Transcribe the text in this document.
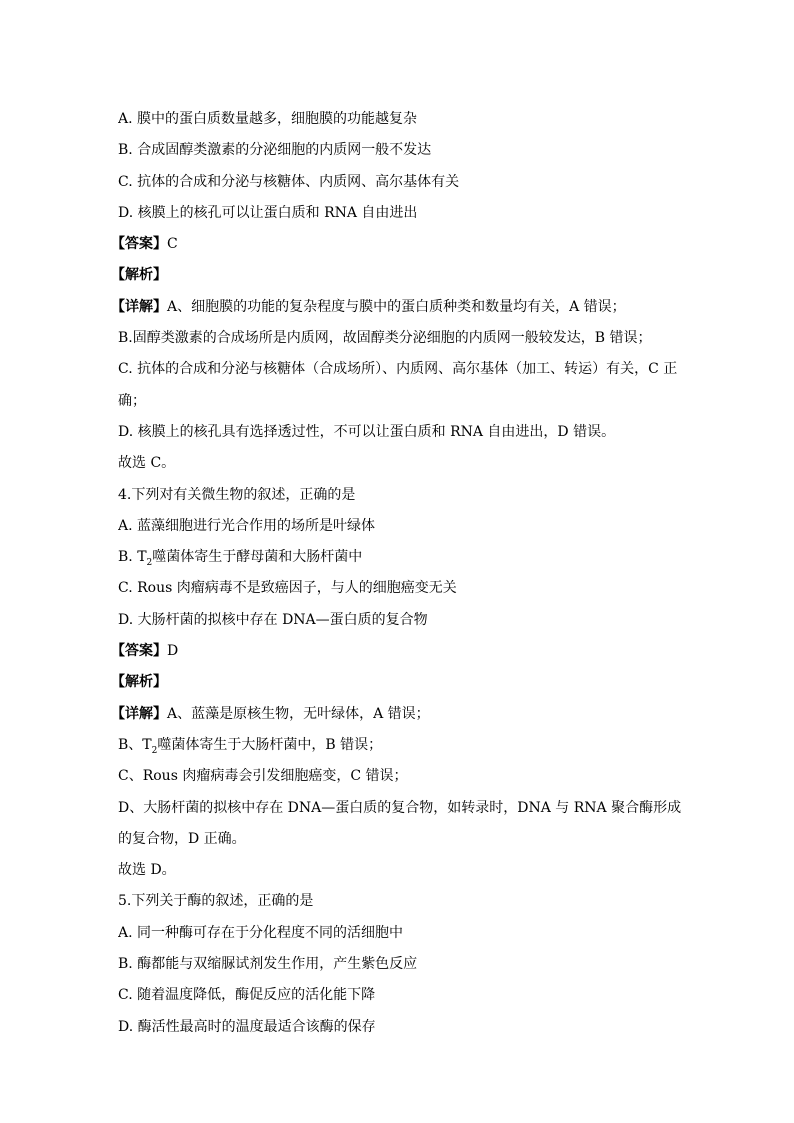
A. 膜中的蛋白质数量越多，细胞膜的功能越复杂
B. 合成固醇类激素的分泌细胞的内质网一般不发达
C. 抗体的合成和分泌与核糖体、内质网、高尔基体有关
D. 核膜上的核孔可以让蛋白质和 RNA 自由进出
【答案】C
【解析】
【详解】A、细胞膜的功能的复杂程度与膜中的蛋白质种类和数量均有关，A 错误；
B.固醇类激素的合成场所是内质网，故固醇类分泌细胞的内质网一般较发达，B 错误；
C. 抗体的合成和分泌与核糖体（合成场所）、内质网、高尔基体（加工、转运）有关，C 正
确；
D. 核膜上的核孔具有选择透过性，不可以让蛋白质和 RNA 自由进出，D 错误。
故选 C。
4.下列对有关微生物的叙述，正确的是
A. 蓝藻细胞进行光合作用的场所是叶绿体
B. $T_2$噬菌体寄生于酵母菌和大肠杆菌中
C. Rous 肉瘤病毒不是致癌因子，与人的细胞癌变无关
D. 大肠杆菌的拟核中存在 DNA—蛋白质的复合物
【答案】D
【解析】
【详解】A、蓝藻是原核生物，无叶绿体，A 错误；
B、$T_2$噬菌体寄生于大肠杆菌中，B 错误；
C、Rous 肉瘤病毒会引发细胞癌变，C 错误；
D、大肠杆菌的拟核中存在 DNA—蛋白质的复合物，如转录时，DNA 与 RNA 聚合酶形成
的复合物，D 正确。
故选 D。
5.下列关于酶的叙述，正确的是
A. 同一种酶可存在于分化程度不同的活细胞中
B. 酶都能与双缩脲试剂发生作用，产生紫色反应
C. 随着温度降低，酶促反应的活化能下降
D. 酶活性最高时的温度最适合该酶的保存
